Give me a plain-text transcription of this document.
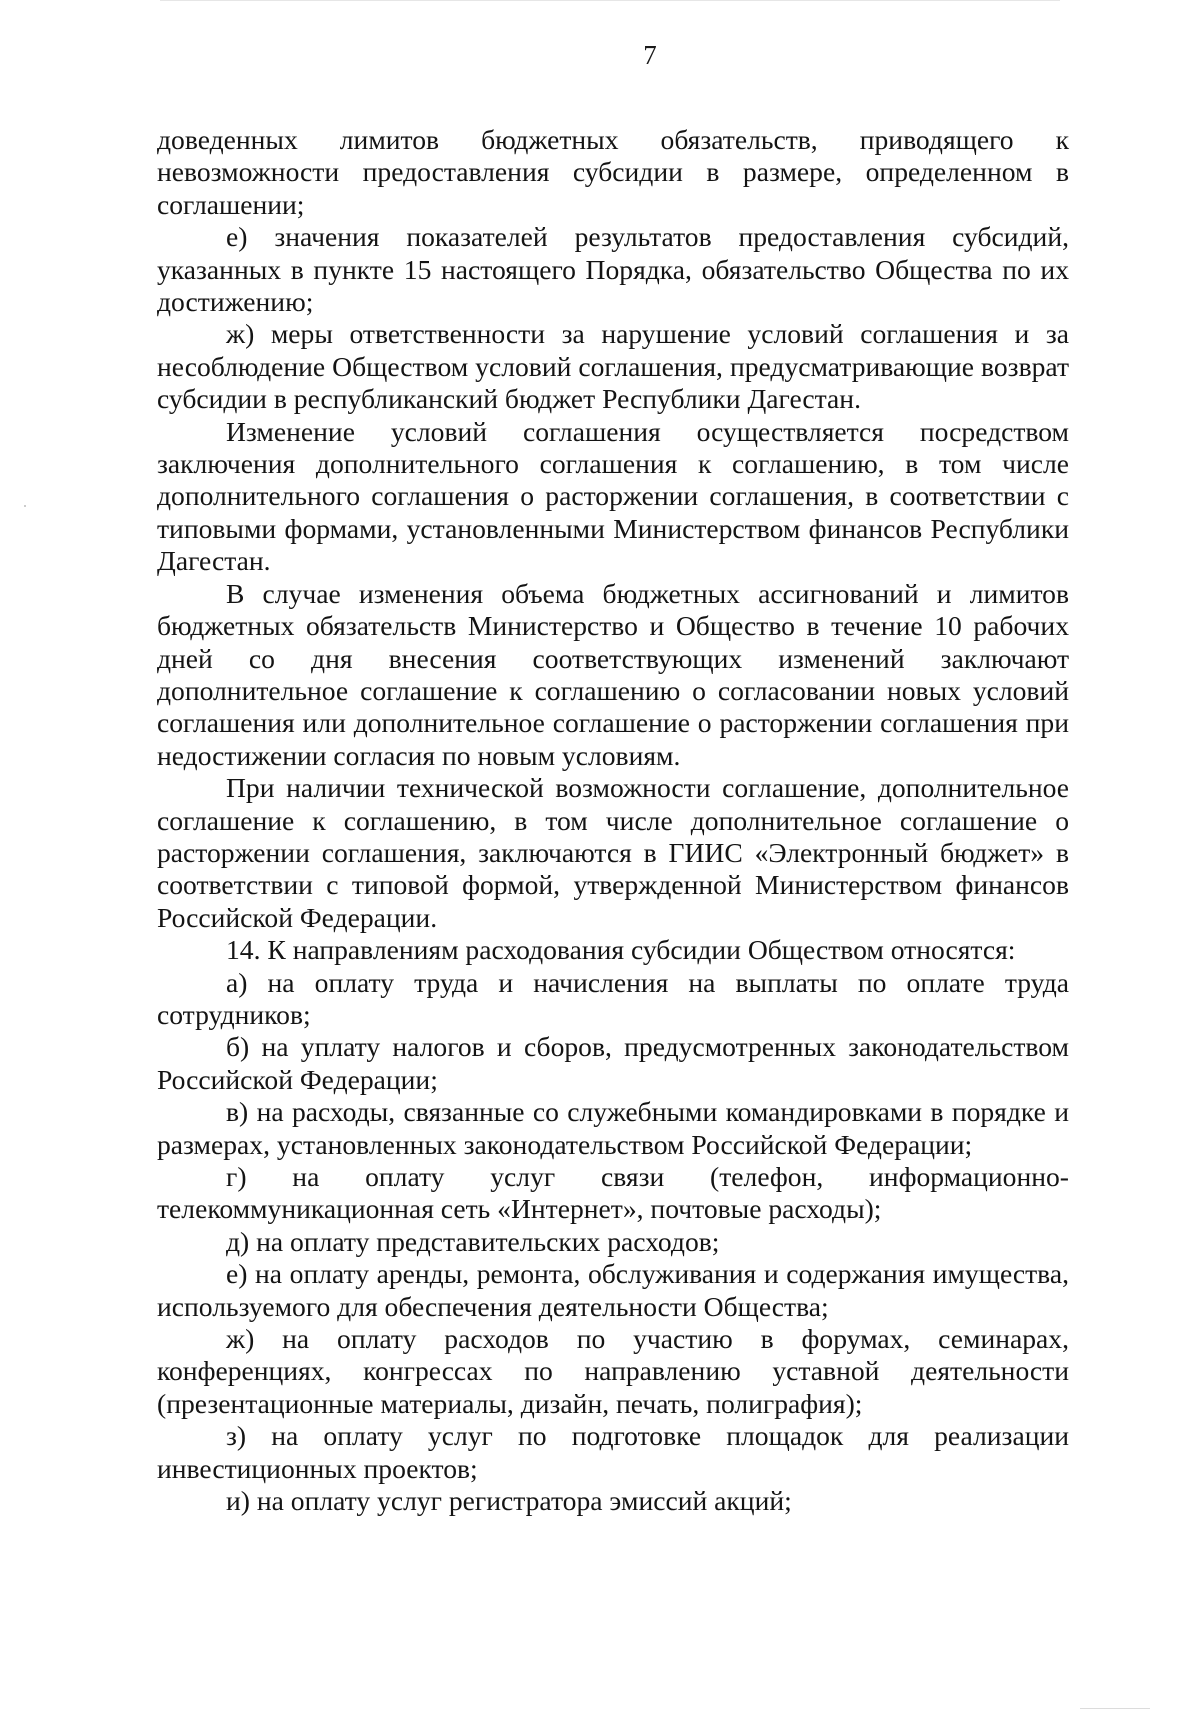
7

доведенных лимитов бюджетных обязательств, приводящего к невозможности предоставления субсидии в размере, определенном в соглашении;

е) значения показателей результатов предоставления субсидий, указанных в пункте 15 настоящего Порядка, обязательство Общества по их достижению;

ж) меры ответственности за нарушение условий соглашения и за несоблюдение Обществом условий соглашения, предусматривающие возврат субсидии в республиканский бюджет Республики Дагестан.

Изменение условий соглашения осуществляется посредством заключения дополнительного соглашения к соглашению, в том числе дополнительного соглашения о расторжении соглашения, в соответствии с типовыми формами, установленными Министерством финансов Республики Дагестан.

В случае изменения объема бюджетных ассигнований и лимитов бюджетных обязательств Министерство и Общество в течение 10 рабочих дней со дня внесения соответствующих изменений заключают дополнительное соглашение к соглашению о согласовании новых условий соглашения или дополнительное соглашение о расторжении соглашения при недостижении согласия по новым условиям.

При наличии технической возможности соглашение, дополнительное соглашение к соглашению, в том числе дополнительное соглашение о расторжении соглашения, заключаются в ГИИС «Электронный бюджет» в соответствии с типовой формой, утвержденной Министерством финансов Российской Федерации.

14. К направлениям расходования субсидии Обществом относятся:

а) на оплату труда и начисления на выплаты по оплате труда сотрудников;

б) на уплату налогов и сборов, предусмотренных законодательством Российской Федерации;

в) на расходы, связанные со служебными командировками в порядке и размерах, установленных законодательством Российской Федерации;

г) на оплату услуг связи (телефон, информационно-телекоммуникационная сеть «Интернет», почтовые расходы);

д) на оплату представительских расходов;

е) на оплату аренды, ремонта, обслуживания и содержания имущества, используемого для обеспечения деятельности Общества;

ж) на оплату расходов по участию в форумах, семинарах, конференциях, конгрессах по направлению уставной деятельности (презентационные материалы, дизайн, печать, полиграфия);

з) на оплату услуг по подготовке площадок для реализации инвестиционных проектов;

и) на оплату услуг регистратора эмиссий акций;
